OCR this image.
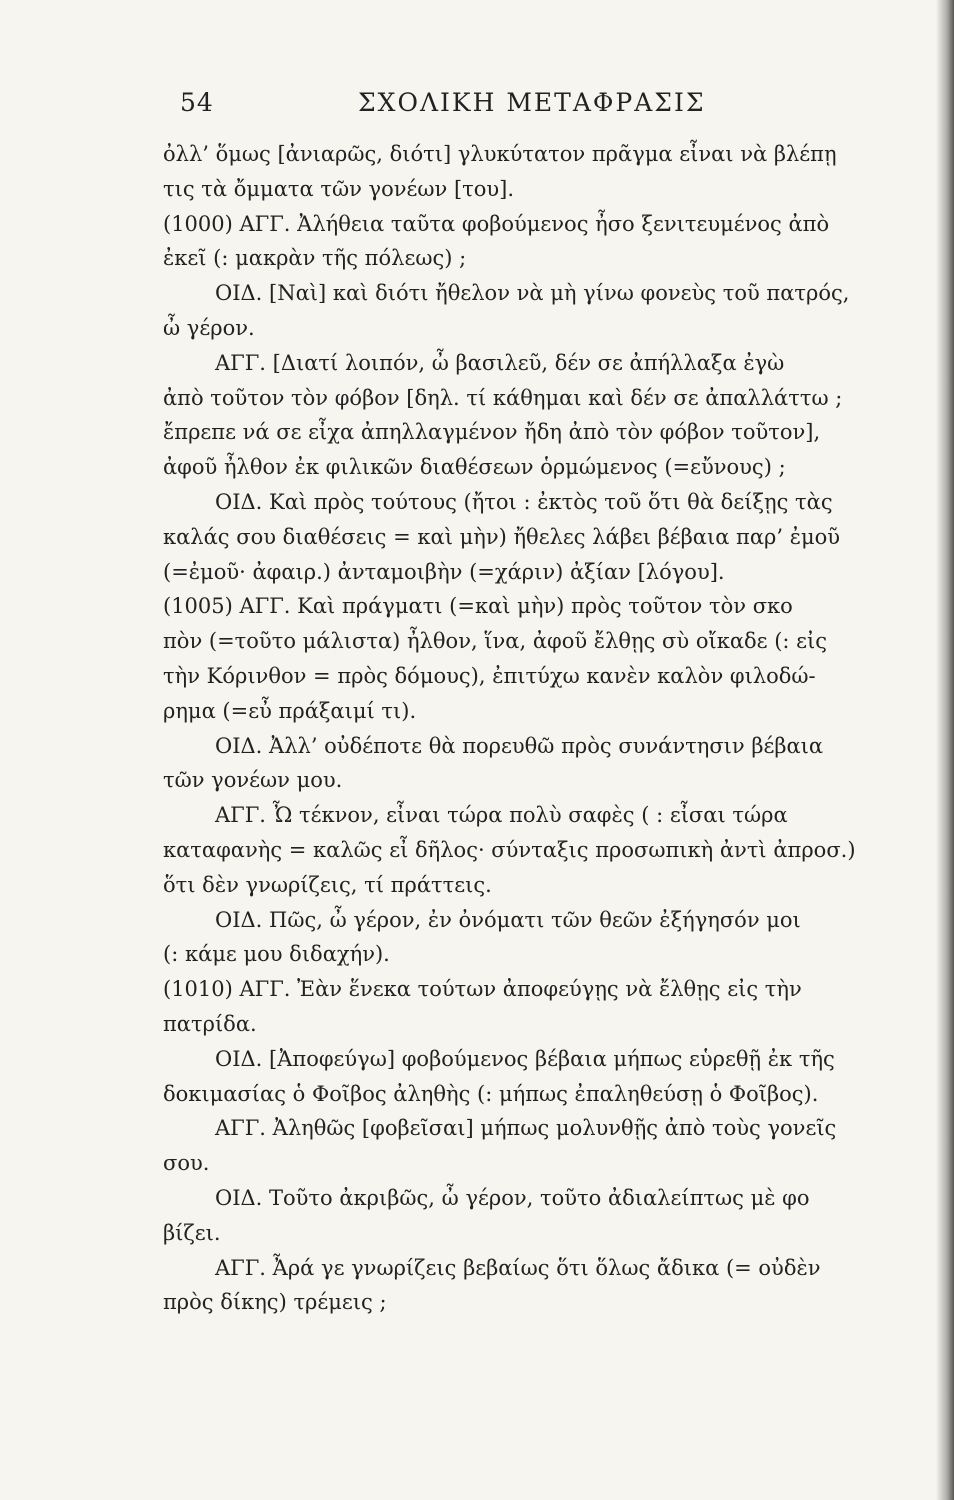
54	ΣΧΟΛΙΚΗ ΜΕΤΑΦΡΑΣΙΣ
ὀλλ’ ὅμως [ἀνιαρῶς, διότι] γλυκύτατον πρᾶγμα εἶναι νὰ βλέπῃ
τις τὰ ὄμματα τῶν γονέων [του].
(1000) ΑΓΓ. Ἀλήθεια ταῦτα φοβούμενος ἦσο ξενιτευμένος ἀπὸ
ἐκεῖ (: μακρὰν τῆς πόλεως) ;
ΟΙΔ. [Ναὶ] καὶ διότι ἤθελον νὰ μὴ γίνω φονεὺς τοῦ πατρός,
ὦ γέρον.
ΑΓΓ. [Διατί λοιπόν, ὦ βασιλεῦ, δέν σε ἀπήλλαξα ἐγὼ
ἀπὸ τοῦτον τὸν φόβον [δηλ. τί κάθημαι καὶ δέν σε ἀπαλλάττω ;
ἔπρεπε νά σε εἶχα ἀπηλλαγμένον ἤδη ἀπὸ τὸν φόβον τοῦτον],
ἀφοῦ ἦλθον ἐκ φιλικῶν διαθέσεων ὁρμώμενος (=εὔνους) ;
ΟΙΔ. Καὶ πρὸς τούτους (ἤτοι : ἐκτὸς τοῦ ὅτι θὰ δείξῃς τὰς
καλάς σου διαθέσεις = καὶ μὴν) ἤθελες λάβει βέβαια παρ’ ἐμοῦ
(=ἐμοῦ· ἀφαιρ.) ἀνταμοιβὴν (=χάριν) ἀξίαν [λόγου].
(1005) ΑΓΓ. Καὶ πράγματι (=καὶ μὴν) πρὸς τοῦτον τὸν σκο
πὸν (=τοῦτο μάλιστα) ἦλθον, ἵνα, ἀφοῦ ἔλθῃς σὺ οἴκαδε (: εἰς
τὴν Κόρινθον = πρὸς δόμους), ἐπιτύχω κανὲν καλὸν φιλοδώ-
ρημα (=εὖ πράξαιμί τι).
ΟΙΔ. Ἀλλ’ οὐδέποτε θὰ πορευθῶ πρὸς συνάντησιν βέβαια
τῶν γονέων μου.
ΑΓΓ. Ὦ τέκνον, εἶναι τώρα πολὺ σαφὲς ( : εἶσαι τώρα
καταφανὴς = καλῶς εἶ δῆλος· σύνταξις προσωπικὴ ἀντὶ ἀπροσ.)
ὅτι δὲν γνωρίζεις, τί πράττεις.
ΟΙΔ. Πῶς, ὦ γέρον, ἐν ὀνόματι τῶν θεῶν ἐξήγησόν μοι
(: κάμε μου διδαχήν).
(1010) ΑΓΓ. Ἐὰν ἕνεκα τούτων ἀποφεύγῃς νὰ ἔλθῃς εἰς τὴν
πατρίδα.
ΟΙΔ. [Ἀποφεύγω] φοβούμενος βέβαια μήπως εὑρεθῇ ἐκ τῆς
δοκιμασίας ὁ Φοῖβος ἀληθὴς (: μήπως ἐπαληθεύσῃ ὁ Φοῖβος).
ΑΓΓ. Ἀληθῶς [φοβεῖσαι] μήπως μολυνθῇς ἀπὸ τοὺς γονεῖς
σου.
ΟΙΔ. Τοῦτο ἀκριβῶς, ὦ γέρον, τοῦτο ἀδιαλείπτως μὲ φο
βίζει.
ΑΓΓ. Ἆρά γε γνωρίζεις βεβαίως ὅτι ὅλως ἄδικα (= οὐδὲν
πρὸς δίκης) τρέμεις ;
